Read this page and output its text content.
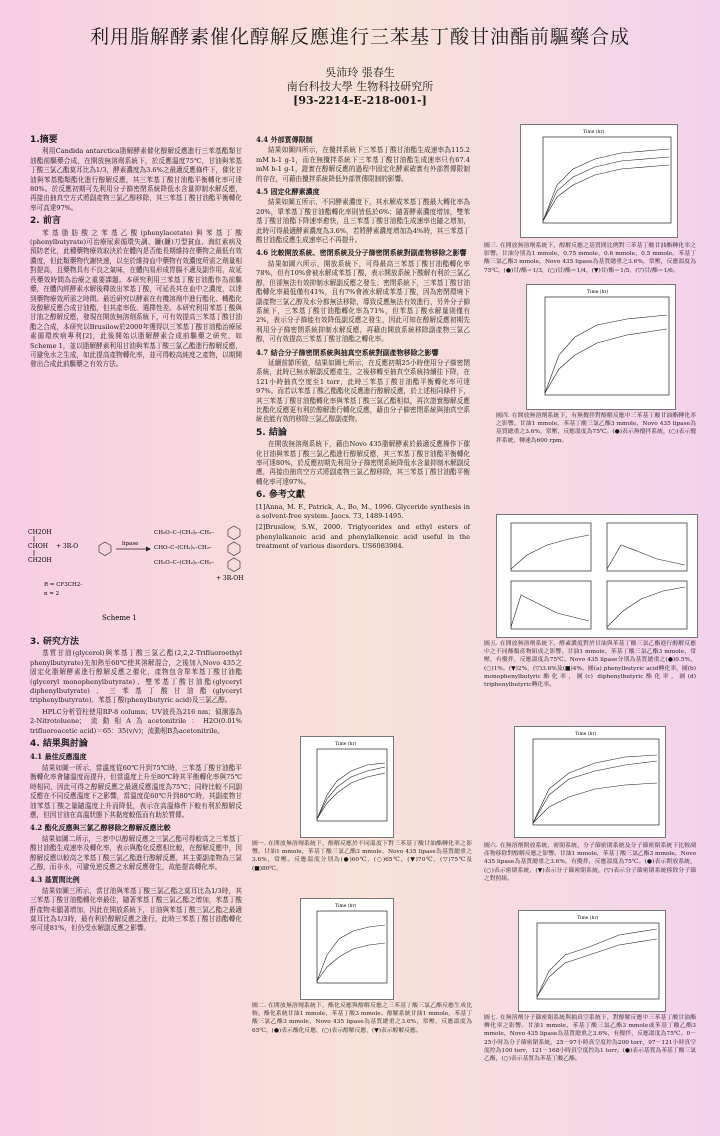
利用脂解酵素催化醇解反應進行三苯基丁酸甘油酯前驅藥合成
吳沛玲 張春生
南台科技大學 生物科技研究所
[93-2214-E-218-001-]
1.摘要

利用Candida antarctica脂解酵素催化醇解反應進行三苯基酯類甘油酯前驅藥合成，在開放無溶劑系統下，於反應溫度75℃，甘油與苯基丁酸三氯乙酯莫耳比為1/3，酵素濃度為3.6%之最適反應條件下，催化甘油與苯基酯類酯化進行醇解反應，其三苯基丁酸甘油酯平衡轉化率可達80%。於反應初期可先利用分子篩密閉系統降低水含量抑制水解反應，再接由抽真空方式將副產物三氯乙醇移除，其三苯基丁酸甘油酯平衡轉化率可高達97%。

2. 前言

苯基脂肪酸之苯基乙酸(phenylacetate)與苯基丁酸(phenylbutyrate)可治療尿素循環失調、鐮(鐮)刀型貧血、海紅素病及預防老化，此種藥物療效取決於在體內是否能長期維持在藥物之最低有效濃度，但此類藥物代謝快速，以至於維持血中藥物有效濃度所需之劑量相對提高，且藥物具有不良之氣味，在體內易形成胃腸不適及副作用，故延長藥效時間為治療之重要課題。本研究利用三苯基丁酸甘油酯作為前驅藥，在體內經酵素水解後釋放出苯基丁酸，可延長其在血中之濃度，以達到藥物療效所需之時間。最近研究以酵素在有機溶劑中進行酯化、轉酯化及醇解反應合成甘油酯，但其產率低、選擇性差。本研究利用苯基丁酸與甘油之醇解反應，發現在開放無溶劑系統下，可有效提高三苯基丁酸甘油酯之合成，本研究以Brusilow於2000年獲得以三苯基丁酸甘油酯治療尿素循環疾病專利[2]，此後開始以脂解酵素合成前驅藥之研究，如Scheme 1，並以脂解酵素利用甘油與苯基丁酸三氯乙酯進行醇解反應，可避免水之生成，如此提高產物轉化率，並可得較高純度之產物，以期開發出合成此前驅藥之有效方法。

CH2OH
CHOH
CH2OH
+ 3R-O	lipase
CH₂O–C–(CH₂)ₙ–CH₂–
CHO–C–(CH₂)ₙ–CH₂–
CH₂O–C–(CH₂)ₙ–CH₂–
+ 3R-OH
R = CF3CH2-
n = 2
Scheme 1
3. 研究方法

基質甘油(glycerol)與苯基丁酸三氯乙酯(2,2,2-Trifluoroethyl phenylbutyrate)先加熱至60℃使其溶解混合，之後加入Novo 435之固定化脂解酵素進行醇解反應之催化，產物包含單苯基丁酸甘油酯(glyceryl monophenylbutyrate)、雙苯基丁酸甘油酯(glyceryl diphenylbutyrate)、三苯基丁酸甘油酯(glyceryl triphenylbutyrate)、苯基丁酸(phenylbutyric acid)及三氯乙醇。

HPLC分析管柱使用RP-8 column；UV波長為216 nm；偵測器為2-Nitrotoluene；流動相A為acetonitrile：H2O(0.01% trifluoroacetic acid)＝65：35(v/v)；流動相B為acetonitrile。

4. 結果與討論
4.1 最佳反應溫度

結果如圖一所示，當溫度從60℃升到75℃時，三苯基丁酸甘油酯平衡轉化率會隨溫度而提升，但當溫度上升至80℃時其平衡轉化率與75℃時相同，因此可得之醇解反應之最適反應溫度為75℃；同時比較不同副反應在不同反應溫度下之影響，當溫度從60℃升到80℃時，其副產物甘油苯基丁酸之量隨溫度上升而降低，表示在高溫條件下較有利於醇解反應，但因甘油在高溫狀態下其黏度較低而有助於質傳。

4.2 酯化反應與三氯乙醇移除之醇解反應比較

結果如圖二所示，三者中以醇解反應之三氯乙酯可得較高之三苯基丁酸甘油酯生成速率及轉化率，表示與酯化反應相比較，在醇解反應中，因醇解反應以較高之苯基丁酸三氯乙酯進行醇解反應，其主要副產物為三氯乙醇，而非水，可避免逆反應之水解反應發生，故能提高轉化率。

4.3 基質間比例

結果如圖三所示，當甘油與苯基丁酸三氯乙酯之莫耳比為1/3時，其三苯基丁酸甘油酯轉化率最佳，隨著苯基丁酸三氯乙酯之增加，苯基丁酸酐產物未顯著增加，因此在開放系統下，甘油與苯基丁酸三氯乙酯之最適莫耳比為1/3時，最有利於醇解反應之進行，此時三苯基丁酸甘油酯轉化率可達81%，但仍受水解副反應之影響。

4.4 外部質傳限制

結果如圖四所示，在攪拌系統下三苯基丁酸甘油酯生成速率為115.2 mM h-1 g-1，而在無攪拌系統下三苯基丁酸甘油酯生成速率只有67.4 mM h-1 g-1，證實在醇解反應的過程中固定化酵素確實有外部質傳限制的存在，可藉由攪拌系統降低外部質傳限制的影響。

4.5 固定化酵素濃度

結果如圖五所示，不同酵素濃度下，其水解成苯基丁酸最大轉化率為20%，單苯基丁酸甘油酯轉化率則皆低於6%；隨著酵素濃度增加，雙苯基丁酸甘油酯下降速率愈快，且三苯基丁酸甘油酯生成速率也隨之增加，此時可得最適酵素濃度為3.6%，若將酵素濃度增加為4%時，其三苯基丁酸甘油酯反應生成速率已不再提升。

4.6 比較開放系統、密閉系統及分子篩密閉系統對副產物移除之影響

結果如圖六所示，開放系統下，可得最高三苯基丁酸甘油酯轉化率78%，但有10%會被水解成苯基丁酸，表示開放系統下酸解有利於三氯乙醇，但卻無法有效抑制水解副反應之發生；密閉系統下，三苯基丁酸甘油酯轉化率最低僅有41%，且有7%會被水解成苯基丁酸，因為密閉環境下副產物三氯乙醇及水分都無法移除，導致反應無法有效進行，另外分子篩系統下，三苯基丁酸甘油酯轉化率為71%，但苯基丁酸水解量則僅有2%，表示分子篩能有效降低副反應之發生，因此可知在醇解反應初期先利用分子篩密閉系統抑制水解反應，再藉由開放系統移除副產物三氯乙醇，可有效提高三苯基丁酸甘油酯之轉化率。

4.7 結合分子篩密閉系統與抽真空系統對副產物移除之影響

延續前節所敘，結果如圖七所示，在反應初期25小時使用分子篩密閉系統，此時已無水解副反應產生，之後移轉至抽真空系統持續往下降，在121小時抽真空度至1 torr，此時三苯基丁酸甘油酯平衡轉化率可達97%。而若以苯基丁酸乙酯酯化反應進行醇解反應，於上述相同條件下，其三苯基丁酸甘油酯轉化率與苯基丁酸三氯乙酯相似，再次證實醇解反應比酯化反應更有利於醇解進行轉化反應，藉由分子篩密閉系統與抽真空系統也能有效的移除三氯乙醇副產物。

5. 結論

在開放無溶劑系統下，藉由Novo 435脂解酵素於最適反應操作下催化甘油與苯基丁酸三氯乙酯進行醇解反應，其三苯基丁酸甘油酯平衡轉化率可達80%，於反應初期先利用分子篩密閉系統降低水含量抑制水解副反應，再接由抽真空方式將副產物三氯乙醇移除，其三苯基丁酸甘油酯平衡轉化率可達97%。

6. 參考文獻

[1]Anna, M. F., Patrick, A., Bo, M., 1996. Glyceride synthesis in a solvent-free system. Jaocs. 73, 1489-1495.

[2]Brusilow, S.W., 2000. Triglycerides and ethyl esters of phenylalkanoic acid and phenylalkenoic acid useful in the treatment of various disorders. US6083984.

Time (hr)
圖一. 在開放無溶劑系統下，醇解反應於不同溫度下對三苯基丁酸甘油酯轉化率之影響。甘油1 mmole，苯基丁酸三氯乙酯3 mmole，Novo 435 lipase為基質總重之3.6%，常壓。反應溫度分別為(●)60℃，(○)65℃，(▼)70℃，(▽)75℃及(■)80℃。
Time (hr)
圖二. 在開放無溶劑系統下，酯化反應與醇解反應之三苯基丁酸三氯乙酯反應生成比較。酯化系統甘油1 mmole，苯基丁酸3 mmole。醇解系統甘油1 mmole，苯基丁酸三氯乙酯3 mmole，Novo 435 lipase為基質總重之3.6%，常壓，反應溫度為65℃。(●)表示酯化反應，(○)表示醇解反應，(▼)表示醇解反應。
Time (hr)
圖三. 在開放無溶劑系統下，醇解反應之基質間比例對三苯基丁酸甘油酯轉化率之影響。甘油分別為1 mmole，0.75 mmole，0.6 mmole，0.5 mmole。苯基丁酸三氯乙酯3 mmole，Novo 435 lipase為基質總重之3.6%，常壓，反應溫度為75℃。(●)甘/酯＝1/3，(○)甘/酯＝1/4，(▼)甘/酯＝1/5，(▽)甘/酯＝1/6。
Time (hr)
圖四. 在開放無溶劑系統下，有無攪拌對醇解反應中三苯基丁酸甘油酯轉化率之影響。甘油1 mmole，苯基丁酸三氯乙酯3 mmole，Novo 435 lipase為基質總重之3.6%，常壓，反應溫度為75℃。(●)表示無攪拌系統，(○)表示攪拌系統，轉速為600 rpm。
圖五. 在開放無溶劑系統下，酵素濃度對於甘油與苯基丁酸三氯乙酯進行醇解反應中之不同酯類產物組成之影響。甘油1 mmole，苯基丁酸三氯乙酯3 mmole，常壓，有攪拌，反應溫度為75℃。Novo 435 lipase分別為基質總重之(●)0.5%，(○)1%，(▼)2%，(▽)3.6%及(■)4%。圖(a) phenylbutyric acid轉化率，圖(b) monophenylbutyric酯化率，圖(c) diphenylbutyric酯化率，圖(d) triphenylbutyric轉化率。
Time (hr)
圖六. 在無溶劑開放系統、密閉系統、分子篩密閉系統及分子篩密閉系統下比較副產物移除對醇解反應之影響。甘油1 mmole，苯基丁酸三氯乙酯3 mmole，Novo 435 lipase為基質總重之3.6%，有攪拌，反應溫度為75℃。(●)表示開放系統，(○)表示密閉系統，(▼)表示分子篩密閉系統，(▽)表示分子篩密閉系統移除分子篩之對照組。
Time (hr)
圖七. 在無溶劑分子篩密閉系統與抽真空系統下，對醇解反應中三苯基丁酸甘油酯轉化率之影響。甘油1 mmole，苯基丁酸三氯乙酯3 mmole或苯基丁酸乙酯3 mmole，Novo 435 lipase為基質總重之3.6%，有攪拌，反應溫度為75℃。0－25小時為分子篩密閉系統，25－97小時真空度控為200 torr，97－121小時真空度控為100 torr，121－168小時真空度控為1 torr。(●)表示基質為苯基丁酸三氯乙酯，(○)表示基質為苯基丁酸乙酯。
